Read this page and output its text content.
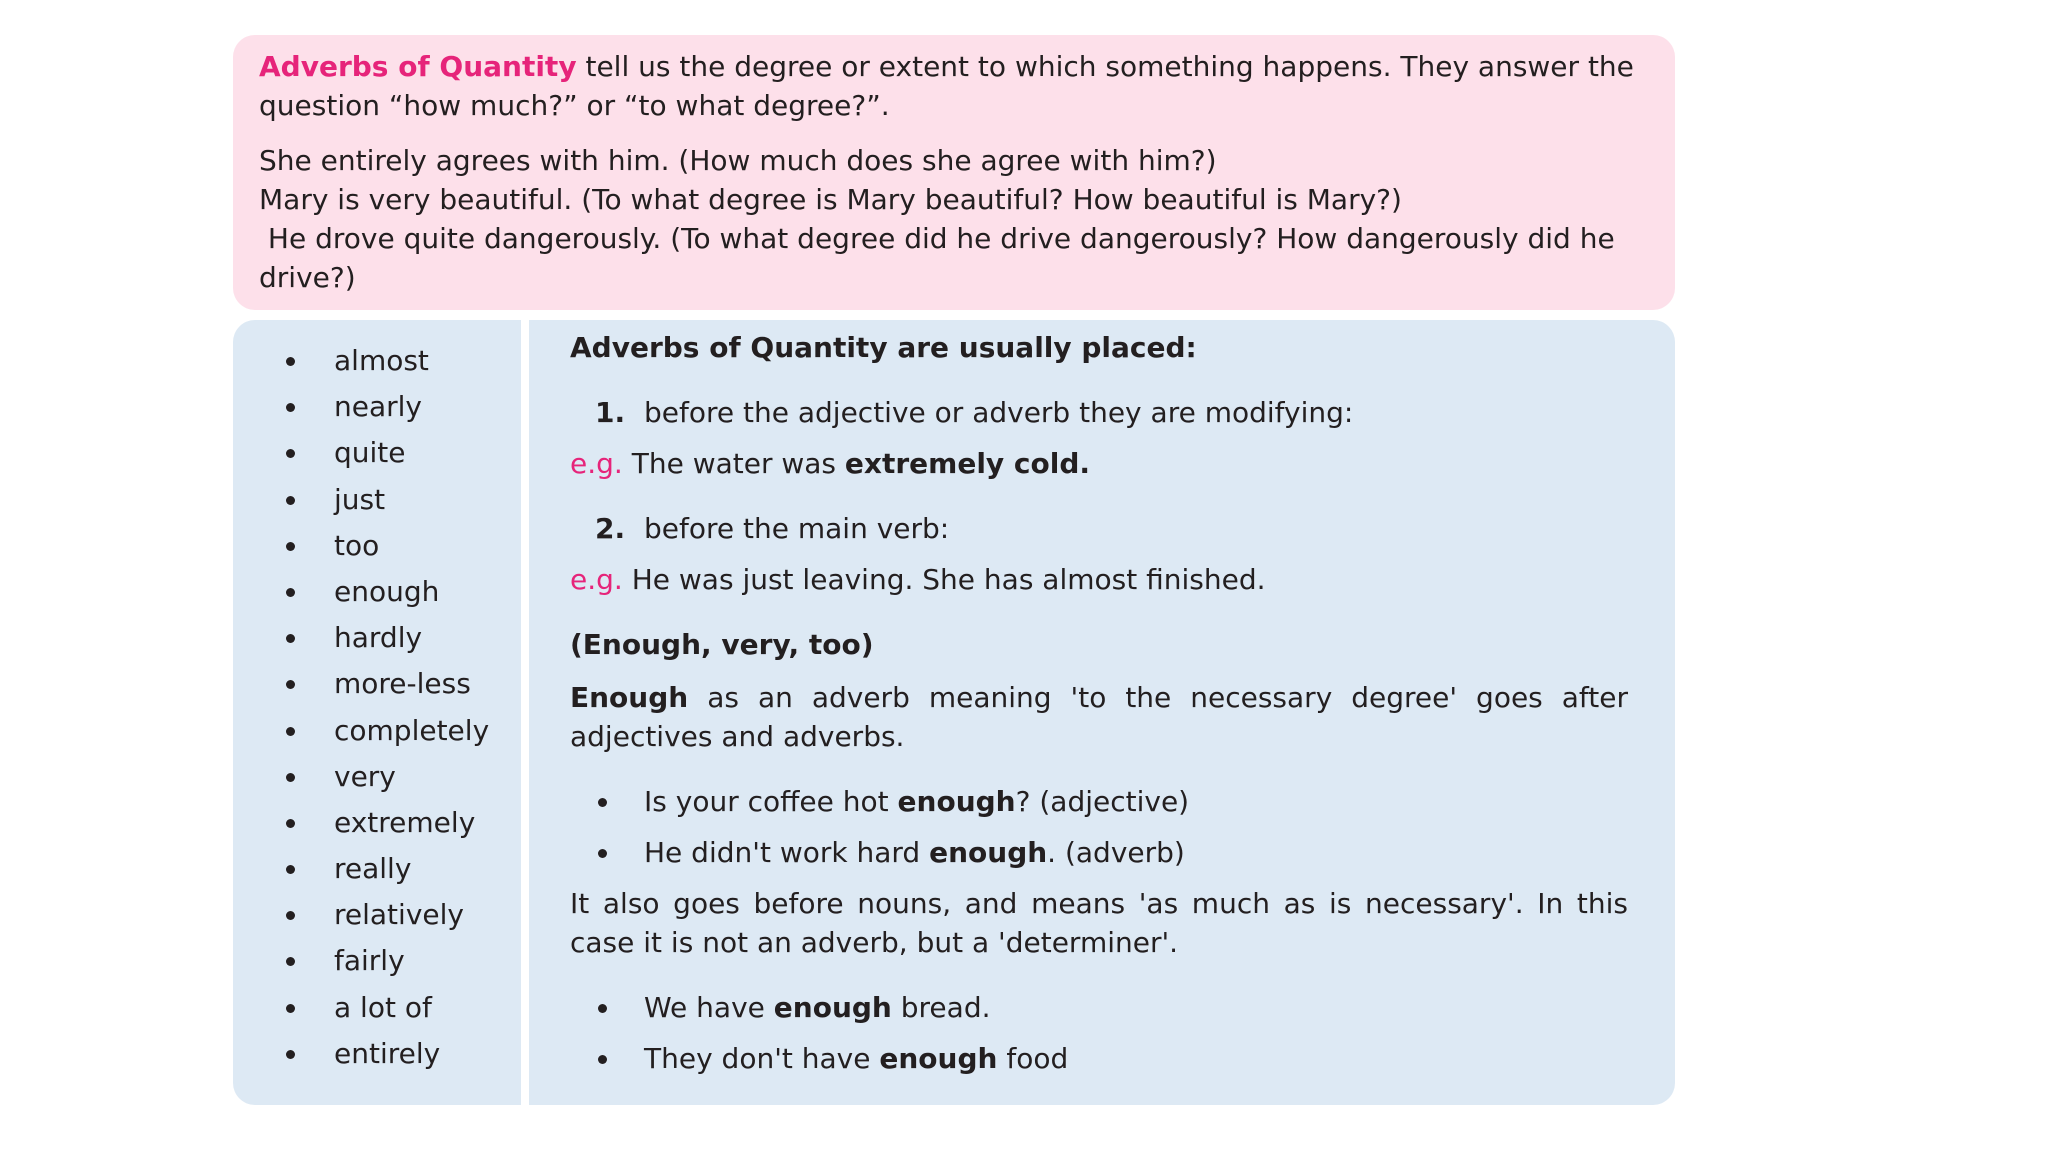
Adverbs of Quantity tell us the degree or extent to which something happens. They answer the question “how much?” or “to what degree?”.

She entirely agrees with him. (How much does she agree with him?)

Mary is very beautiful. (To what degree is Mary beautiful? How beautiful is Mary?)

He drove quite dangerously. (To what degree did he drive dangerously? How dangerously did he drive?)

almost
nearly
quite
just
too
enough
hardly
more-less
completely
very
extremely
really
relatively
fairly
a lot of
entirely

Adverbs of Quantity are usually placed:

1. before the adjective or adverb they are modifying:

e.g. The water was extremely cold.

2. before the main verb:

e.g. He was just leaving. She has almost finished.

(Enough, very, too)

Enough as an adverb meaning 'to the necessary degree' goes after adjectives and adverbs.

Is your coffee hot enough? (adjective)

He didn't work hard enough. (adverb)

It also goes before nouns, and means 'as much as is necessary'. In this case it is not an adverb, but a 'determiner'.

We have enough bread.

They don't have enough food
